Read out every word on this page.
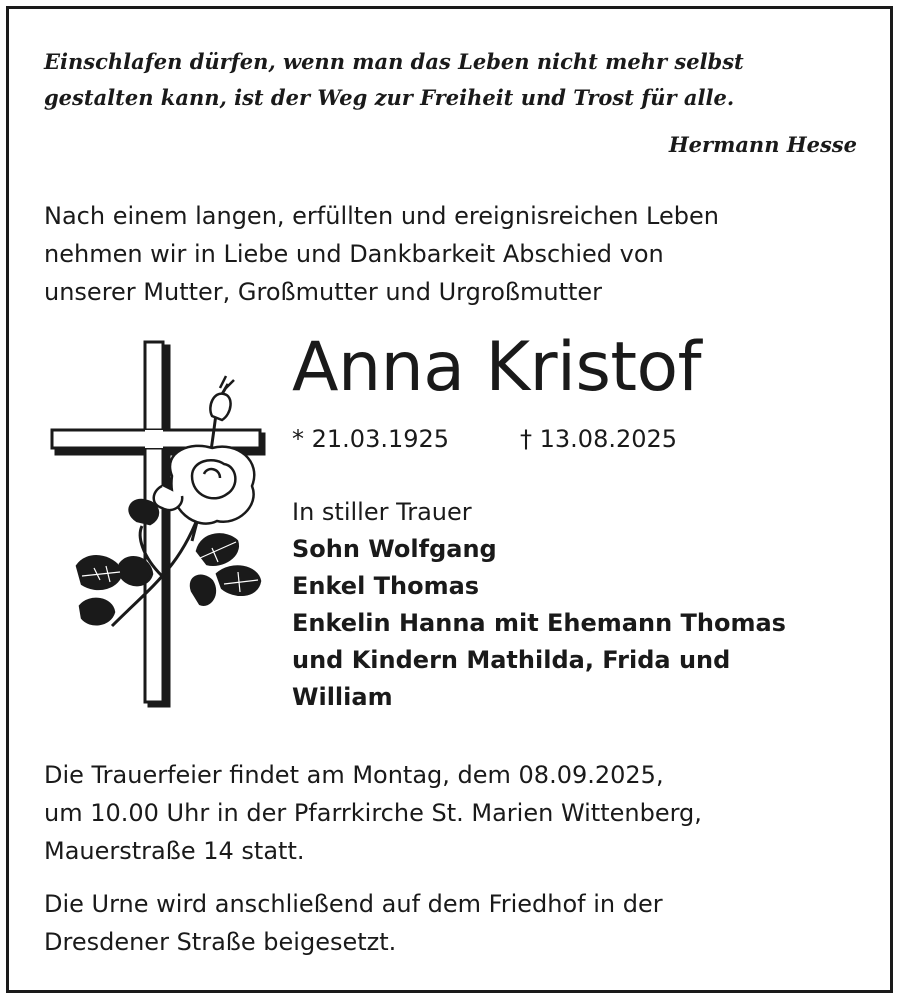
Einschlafen dürfen, wenn man das Leben nicht mehr selbst
gestalten kann, ist der Weg zur Freiheit und Trost für alle.
Hermann Hesse
Nach einem langen, erfüllten und ereignisreichen Leben
nehmen wir in Liebe und Dankbarkeit Abschied von
unserer Mutter, Großmutter und Urgroßmutter
Anna Kristof
* 21.03.1925	† 13.08.2025
In stiller Trauer
Sohn Wolfgang
Enkel Thomas
Enkelin Hanna mit Ehemann Thomas
und Kindern Mathilda, Frida und
William
Die Trauerfeier findet am Montag, dem 08.09.2025,
um 10.00 Uhr in der Pfarrkirche St. Marien Wittenberg,
Mauerstraße 14 statt.
Die Urne wird anschließend auf dem Friedhof in der
Dresdener Straße beigesetzt.
